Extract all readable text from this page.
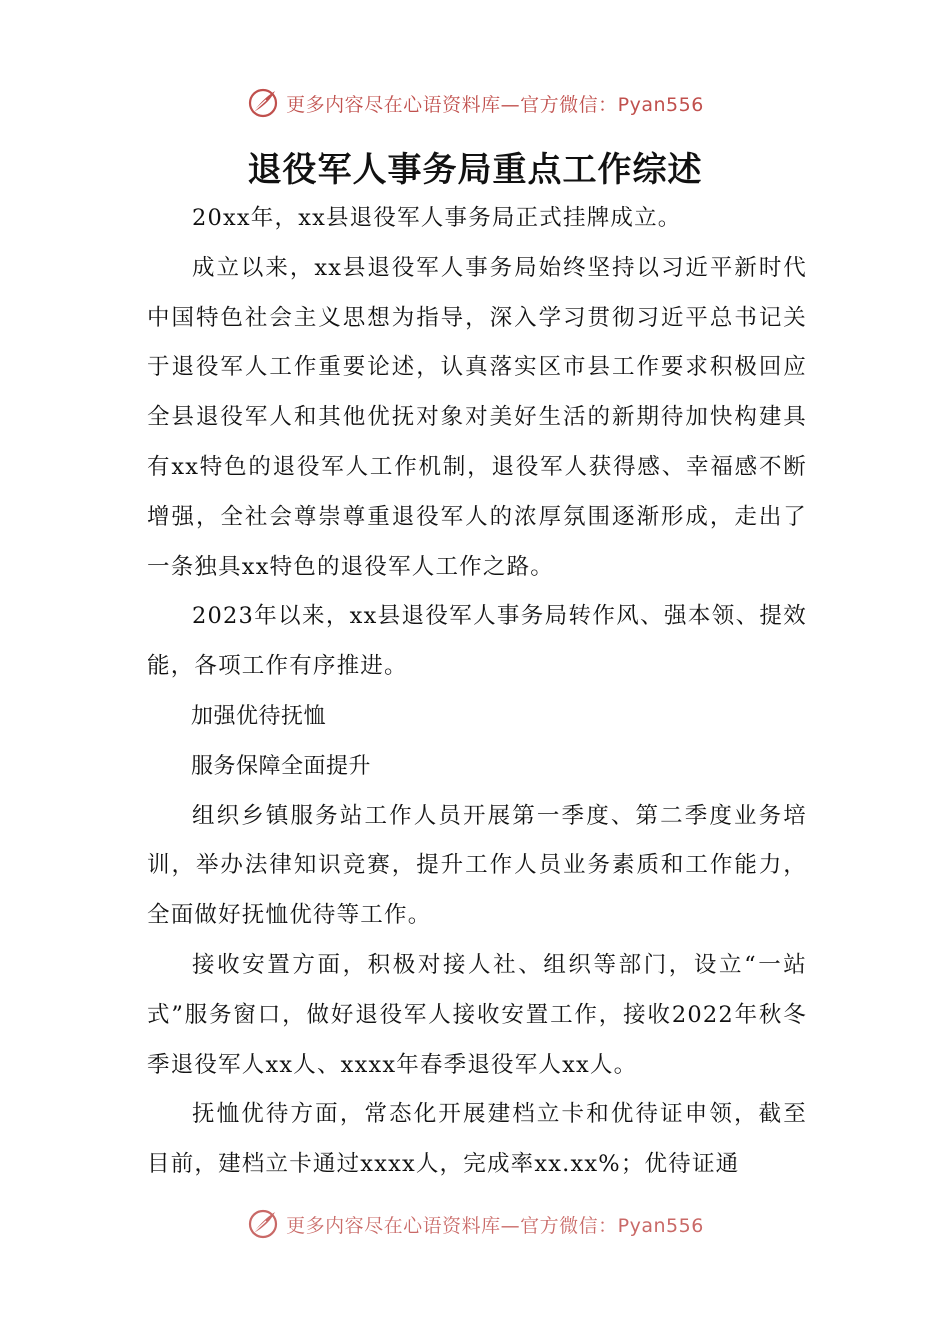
更多内容尽在心语资料库—官方微信：Pyan556
退役军人事务局重点工作综述

20xx年，xx县退役军人事务局正式挂牌成立。

成立以来，xx县退役军人事务局始终坚持以习近平新时代中国特色社会主义思想为指导，深入学习贯彻习近平总书记关于退役军人工作重要论述，认真落实区市县工作要求积极回应全县退役军人和其他优抚对象对美好生活的新期待加快构建具有xx特色的退役军人工作机制，退役军人获得感、幸福感不断增强，全社会尊崇尊重退役军人的浓厚氛围逐渐形成，走出了一条独具xx特色的退役军人工作之路。

2023年以来，xx县退役军人事务局转作风、强本领、提效能，各项工作有序推进。

加强优待抚恤

服务保障全面提升

组织乡镇服务站工作人员开展第一季度、第二季度业务培训，举办法律知识竞赛，提升工作人员业务素质和工作能力，全面做好抚恤优待等工作。

接收安置方面，积极对接人社、组织等部门，设立“一站式”服务窗口，做好退役军人接收安置工作，接收2022年秋冬季退役军人xx人、xxxx年春季退役军人xx人。

抚恤优待方面，常态化开展建档立卡和优待证申领，截至目前，建档立卡通过xxxx人，完成率xx.xx%；优待证通

更多内容尽在心语资料库—官方微信：Pyan556
